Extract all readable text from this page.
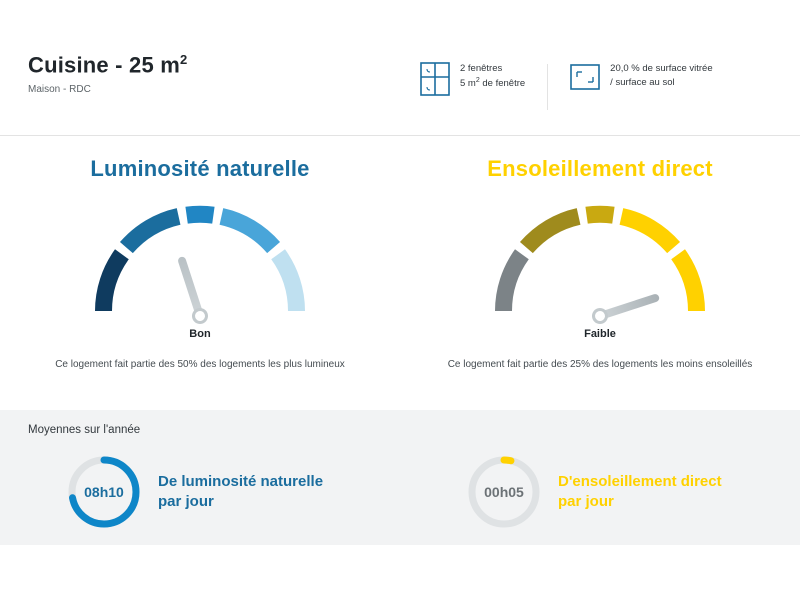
Cuisine - 25 $m^2$
Maison - RDC
2 fenêtres
5 $m^2$ de fenêtre
20,0 % de surface vitrée
/ surface au sol
Luminosité naturelle
Bon
Ce logement fait partie des 50% des logements les plus lumineux
Ensoleillement direct
Faible
Ce logement fait partie des 25% des logements les moins ensoleillés
Moyennes sur l'année
08h10
De luminosité naturelle
par jour
00h05
D'ensoleillement direct
par jour
